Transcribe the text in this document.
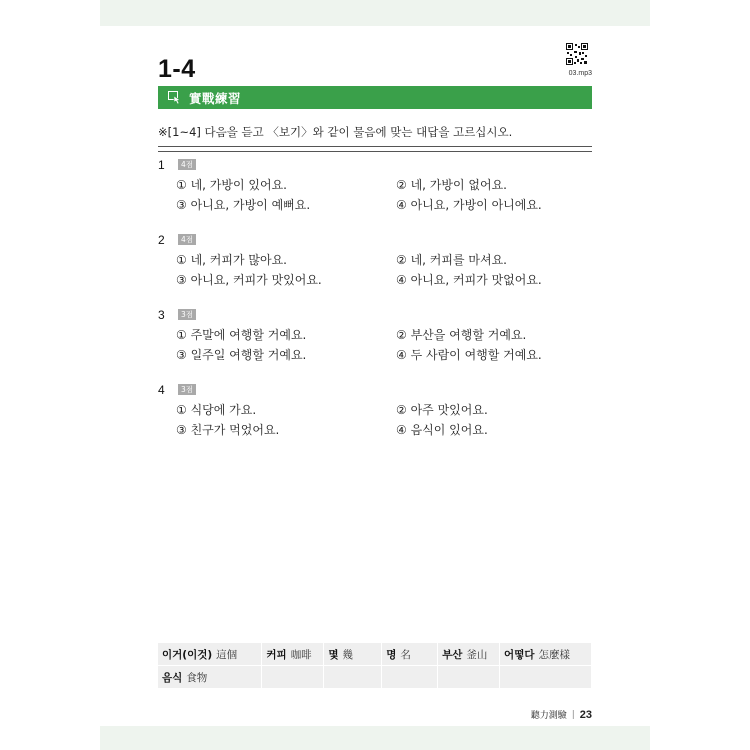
1-4	03.mp3
實戰練習
※[1~4] 다음을 듣고 〈보기〉와 같이 물음에 맞는 대답을 고르십시오.
1	4점
① 네, 가방이 있어요.	② 네, 가방이 없어요.
③ 아니요, 가방이 예뻐요.	④ 아니요, 가방이 아니에요.
2	4점
① 네, 커피가 많아요.	② 네, 커피를 마셔요.
③ 아니요, 커피가 맛있어요.	④ 아니요, 커피가 맛없어요.
3	3점
① 주말에 여행할 거예요.	② 부산을 여행할 거예요.
③ 일주일 여행할 거예요.	④ 두 사람이 여행할 거예요.
4	3점
① 식당에 가요.	② 아주 맛있어요.
③ 친구가 먹었어요.	④ 음식이 있어요.
이거(이것) 這個	커피 咖啡	몇 幾	명 名	부산 釜山	어떻다 怎麼樣
음식 食物					
聽力測驗 | 23
